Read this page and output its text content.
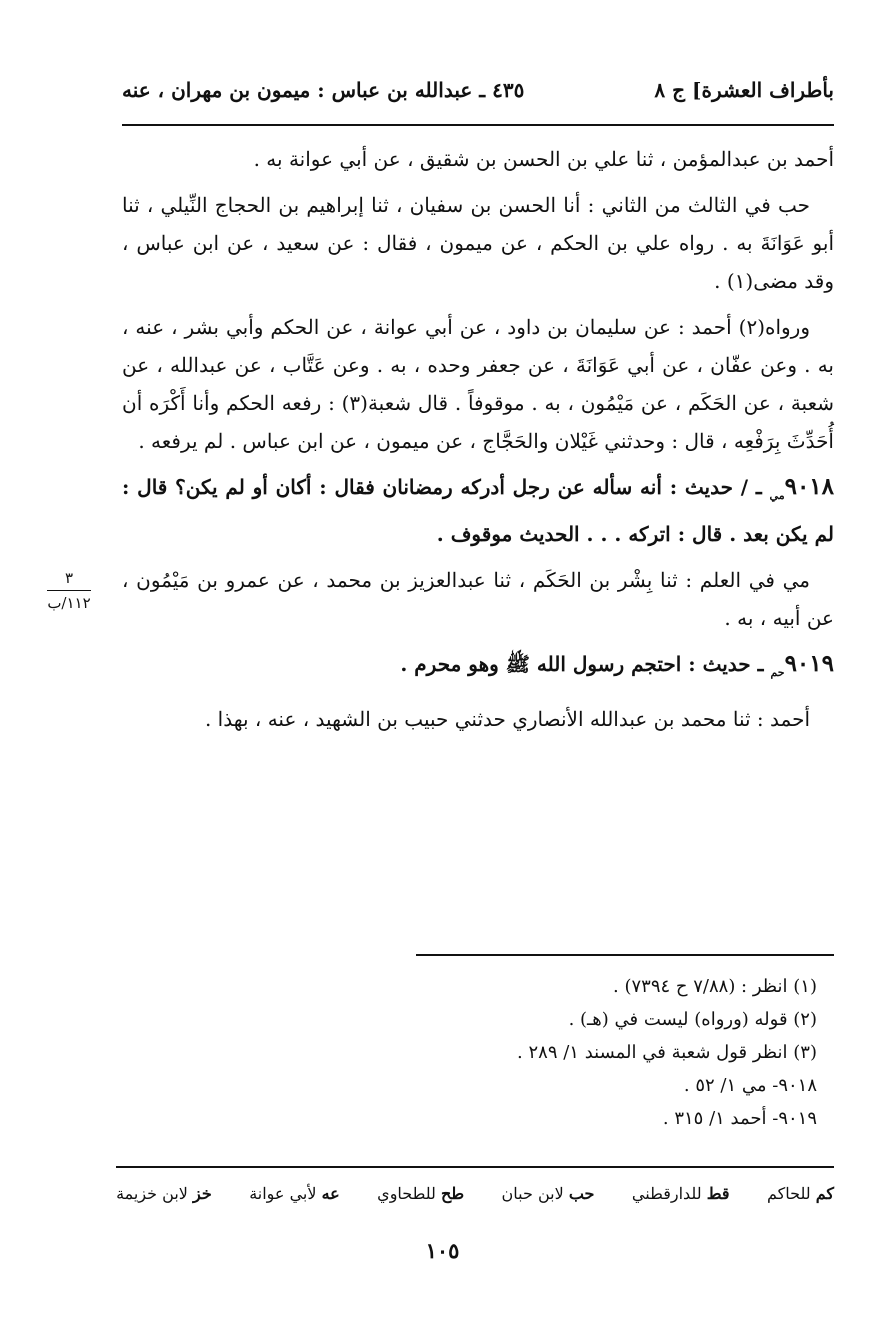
بأطراف العشرة] ج ٨
٤٣٥ ـ عبدالله بن عباس : ميمون بن مهران ، عنه
٣
١١٢/ب

أحمد بن عبدالمؤمن ، ثنا علي بن الحسن بن شقيق ، عن أبي عوانة به .

حب في الثالث من الثاني : أنا الحسن بن سفيان ، ثنا إبراهيم بن الحجاج النِّيلي ، ثنا أبو عَوَانَةَ به . رواه علي بن الحكم ، عن ميمون ، فقال : عن سعيد ، عن ابن عباس ، وقد مضى(١) .

ورواه(٢) أحمد : عن سليمان بن داود ، عن أبي عوانة ، عن الحكم وأبي بشر ، عنه ، به . وعن عفّان ، عن أبي عَوَانَةَ ، عن جعفر وحده ، به . وعن عَتَّاب ، عن عبدالله ، عن شعبة ، عن الحَكَم ، عن مَيْمُون ، به . موقوفاً . قال شعبة(٣) : رفعه الحكم وأنا أَكْرَه أن أُحَدِّثَ بِرَفْعِه ، قال : وحدثني غَيْلان والحَجَّاج ، عن ميمون ، عن ابن عباس . لم يرفعه .

$٩٠١٨_{مي}$ ـ / حديث : أنه سأله عن رجل أدركه رمضانان فقال : أكان أو لم يكن؟ قال : لم يكن بعد . قال : اتركه . . . الحديث موقوف .

مي في العلم : ثنا بِشْر بن الحَكَم ، ثنا عبدالعزيز بن محمد ، عن عمرو بن مَيْمُون ، عن أبيه ، به .

$٩٠١٩_{حم}$ ـ حديث : احتجم رسول الله ﷺ وهو محرم .

أحمد : ثنا محمد بن عبدالله الأنصاري حدثني حبيب بن الشهيد ، عنه ، بهذا .

(١) انظر : (٧/٨٨ ح ٧٣٩٤) .
(٢) قوله (ورواه) ليست في (هـ) .
(٣) انظر قول شعبة في المسند ١/ ٢٨٩ .
٩٠١٨- مي ١/ ٥٢ .
٩٠١٩- أحمد ١/ ٣١٥ .
خز لابن خزيمة	عه لأبي عوانة	طح للطحاوي	حب لابن حبان	قط للدارقطني	كم للحاكم
١٠٥
